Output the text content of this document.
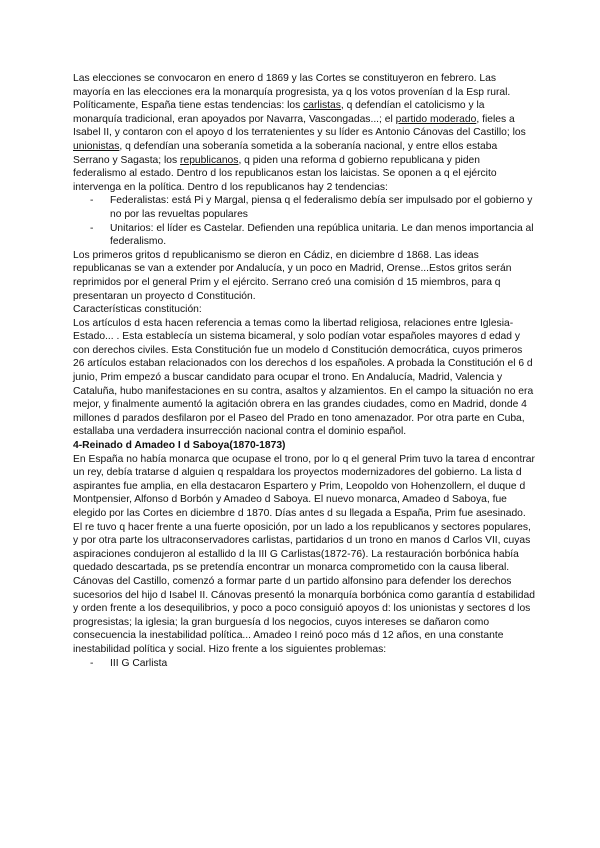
Las elecciones se convocaron en enero d 1869 y las Cortes se constituyeron en febrero. Las mayoría en las elecciones era la monarquía progresista, ya q los votos provenían d la Esp rural.

Políticamente, España tiene estas tendencias: los carlistas, q defendían el catolicismo y la monarquía tradicional, eran apoyados por Navarra, Vascongadas...; el partido moderado, fieles a Isabel II, y contaron con el apoyo d los terratenientes y su líder es Antonio Cánovas del Castillo; los unionistas, q defendían una soberanía sometida a la soberanía nacional, y entre ellos estaba Serrano y Sagasta; los republicanos, q piden una reforma d gobierno republicana y piden federalismo al estado. Dentro d los republicanos estan los laicistas. Se oponen a q el ejército intervenga en la política. Dentro d los republicanos hay 2 tendencias:

- Federalistas: está Pi y Margal, piensa q el federalismo debía ser impulsado por el gobierno y no por las revueltas populares
- Unitarios: el líder es Castelar. Defienden una república unitaria. Le dan menos importancia al federalismo.

Los primeros gritos d republicanismo se dieron en Cádiz, en diciembre d 1868. Las ideas republicanas se van a extender por Andalucía, y un poco en Madrid, Orense...Estos gritos serán reprimidos por el general Prim y el ejército. Serrano creó una comisión d 15 miembros, para q presentaran un proyecto d Constitución.

Características constitución:

Los artículos d esta hacen referencia a temas como la libertad religiosa, relaciones entre Iglesia-Estado... . Esta establecía un sistema bicameral, y solo podían votar españoles mayores d edad y con derechos civiles. Esta Constitución fue un modelo d Constitución democrática, cuyos primeros 26 artículos estaban relacionados con los derechos d los españoles. A probada la Constitución el 6 d junio, Prim empezó a buscar candidato para ocupar el trono. En Andalucía, Madrid, Valencia y Cataluña, hubo manifestaciones en su contra, asaltos y alzamientos. En el campo la situación no era mejor, y finalmente aumentó la agitación obrera en las grandes ciudades, como en Madrid, donde 4 millones d parados desfilaron por el Paseo del Prado en tono amenazador. Por otra parte en Cuba, estallaba una verdadera insurrección nacional contra el dominio español.

4-Reinado d Amadeo I d Saboya(1870-1873)

En España no había monarca que ocupase el trono, por lo q el general Prim tuvo la tarea d encontrar un rey, debía tratarse d alguien q respaldara los proyectos modernizadores del gobierno. La lista d aspirantes fue amplia, en ella destacaron Espartero y Prim, Leopoldo von Hohenzollern, el duque d Montpensier, Alfonso d Borbón y Amadeo d Saboya. El nuevo monarca, Amadeo d Saboya, fue elegido por las Cortes en diciembre d 1870. Días antes d su llegada a España, Prim fue asesinado. El re tuvo q hacer frente a una fuerte oposición, por un lado a los republicanos y sectores populares, y por otra parte los ultraconservadores carlistas, partidarios d un trono en manos d Carlos VII, cuyas aspiraciones condujeron al estallido d la III G Carlistas(1872-76). La restauración borbónica había quedado descartada, ps se pretendía encontrar un monarca comprometido con la causa liberal. Cánovas del Castillo, comenzó a formar parte d un partido alfonsino para defender los derechos sucesorios del hijo d Isabel II. Cánovas presentó la monarquía borbónica como garantía d estabilidad y orden frente a los desequilibrios, y poco a poco consiguió apoyos d: los unionistas y sectores d los progresistas; la iglesia; la gran burguesía d los negocios, cuyos intereses se dañaron como consecuencia la inestabilidad política... Amadeo I reinó poco más d 12 años, en una constante inestabilidad política y social. Hizo frente a los siguientes problemas:

- III G Carlista
